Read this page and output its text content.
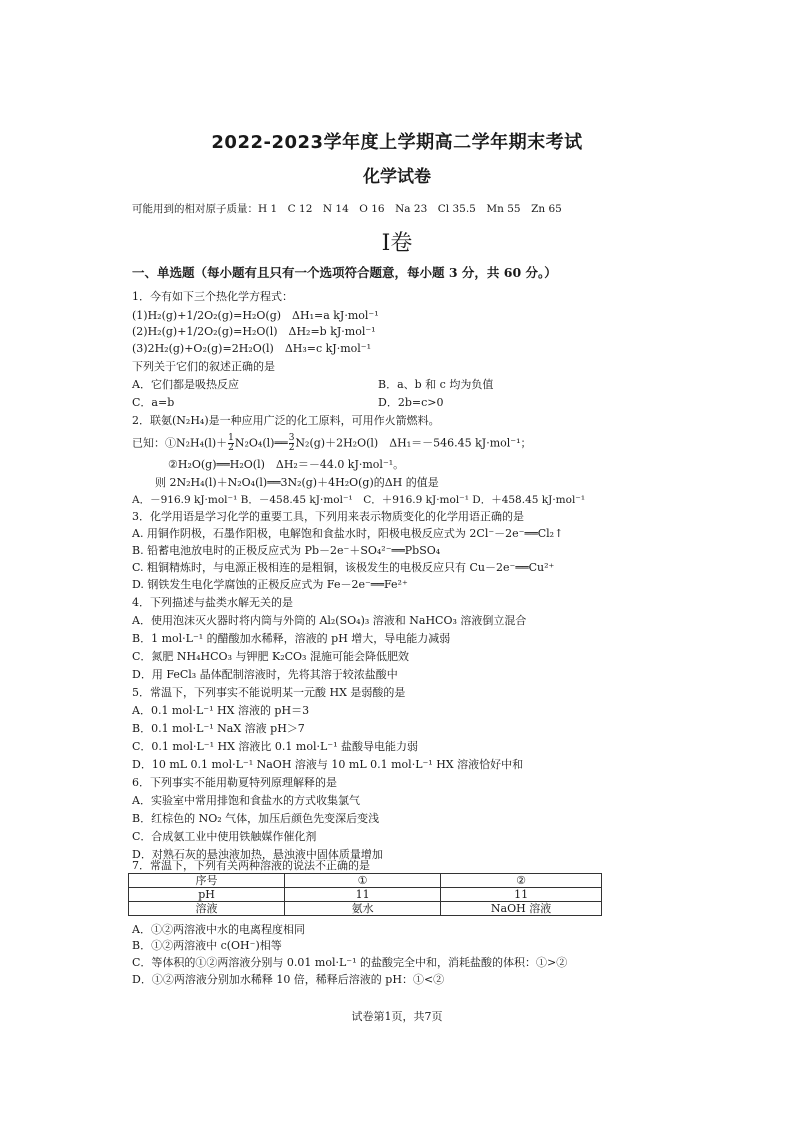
2022-2023学年度上学期高二学年期末考试
化学试卷
可能用到的相对原子质量：H 1　C 12　N 14　O 16　Na 23　Cl 35.5　Mn 55　Zn 65
Ⅰ卷
一、单选题（每小题有且只有一个选项符合题意，每小题 3 分，共 60 分。）
1．今有如下三个热化学方程式：
(1)H₂(g)+1/2O₂(g)=H₂O(g)　ΔH₁=a kJ·mol⁻¹
(2)H₂(g)+1/2O₂(g)=H₂O(l)　ΔH₂=b kJ·mol⁻¹
(3)2H₂(g)+O₂(g)=2H₂O(l)　ΔH₃=c kJ·mol⁻¹
下列关于它们的叙述正确的是
A．它们都是吸热反应	B．a、b 和 c 均为负值
C．a=b	D．2b=c>0
2．联氨(N₂H₄)是一种应用广泛的化工原料，可用作火箭燃料。
已知：①N₂H₄(l)＋ $\frac{1}{2}$ N₂O₄(l)══ $\frac{3}{2} N_2(g)+2H_2O(l)$　ΔH₁＝－546.45 kJ·mol⁻¹；
②H₂O(g)══H₂O(l)　ΔH₂＝－44.0 kJ·mol⁻¹。
则 2N₂H₄(l)＋N₂O₄(l)══3N₂(g)＋4H₂O(g)的ΔH 的值是
A．－916.9 kJ·mol⁻¹ B．－458.45 kJ·mol⁻¹　C．＋916.9 kJ·mol⁻¹ D．＋458.45 kJ·mol⁻¹
3．化学用语是学习化学的重要工具，下列用来表示物质变化的化学用语正确的是
A. 用铜作阴极，石墨作阳极，电解饱和食盐水时，阳极电极反应式为 2Cl⁻－2e⁻══Cl₂↑
B. 铅蓄电池放电时的正极反应式为 Pb－2e⁻＋SO₄²⁻══PbSO₄
C. 粗铜精炼时，与电源正极相连的是粗铜，该极发生的电极反应只有 Cu－2e⁻══Cu²⁺
D. 钢铁发生电化学腐蚀的正极反应式为 Fe－2e⁻══Fe²⁺
4．下列描述与盐类水解无关的是
A．使用泡沫灭火器时将内筒与外筒的 Al₂(SO₄)₃ 溶液和 NaHCO₃ 溶液倒立混合
B．1 mol·L⁻¹ 的醋酸加水稀释，溶液的 pH 增大，导电能力减弱
C．氮肥 NH₄HCO₃ 与钾肥 K₂CO₃ 混施可能会降低肥效
D．用 FeCl₃ 晶体配制溶液时，先将其溶于较浓盐酸中
5．常温下，下列事实不能说明某一元酸 HX 是弱酸的是
A．0.1 mol·L⁻¹ HX 溶液的 pH＝3
B．0.1 mol·L⁻¹ NaX 溶液 pH＞7
C．0.1 mol·L⁻¹ HX 溶液比 0.1 mol·L⁻¹ 盐酸导电能力弱
D．10 mL 0.1 mol·L⁻¹ NaOH 溶液与 10 mL 0.1 mol·L⁻¹ HX 溶液恰好中和
6．下列事实不能用勒夏特列原理解释的是
A．实验室中常用排饱和食盐水的方式收集氯气
B．红棕色的 NO₂ 气体，加压后颜色先变深后变浅
C．合成氨工业中使用铁触媒作催化剂
D．对熟石灰的悬浊液加热，悬浊液中固体质量增加
7．常温下，下列有关两种溶液的说法不正确的是
序号	①	②
pH	11	11
溶液	氨水	NaOH 溶液
A．①②两溶液中水的电离程度相同
B．①②两溶液中 c(OH⁻)相等
C．等体积的①②两溶液分别与 0.01 mol·L⁻¹ 的盐酸完全中和，消耗盐酸的体积：①>②
D．①②两溶液分别加水稀释 10 倍，稀释后溶液的 pH：①<②
试卷第1页，共7页
